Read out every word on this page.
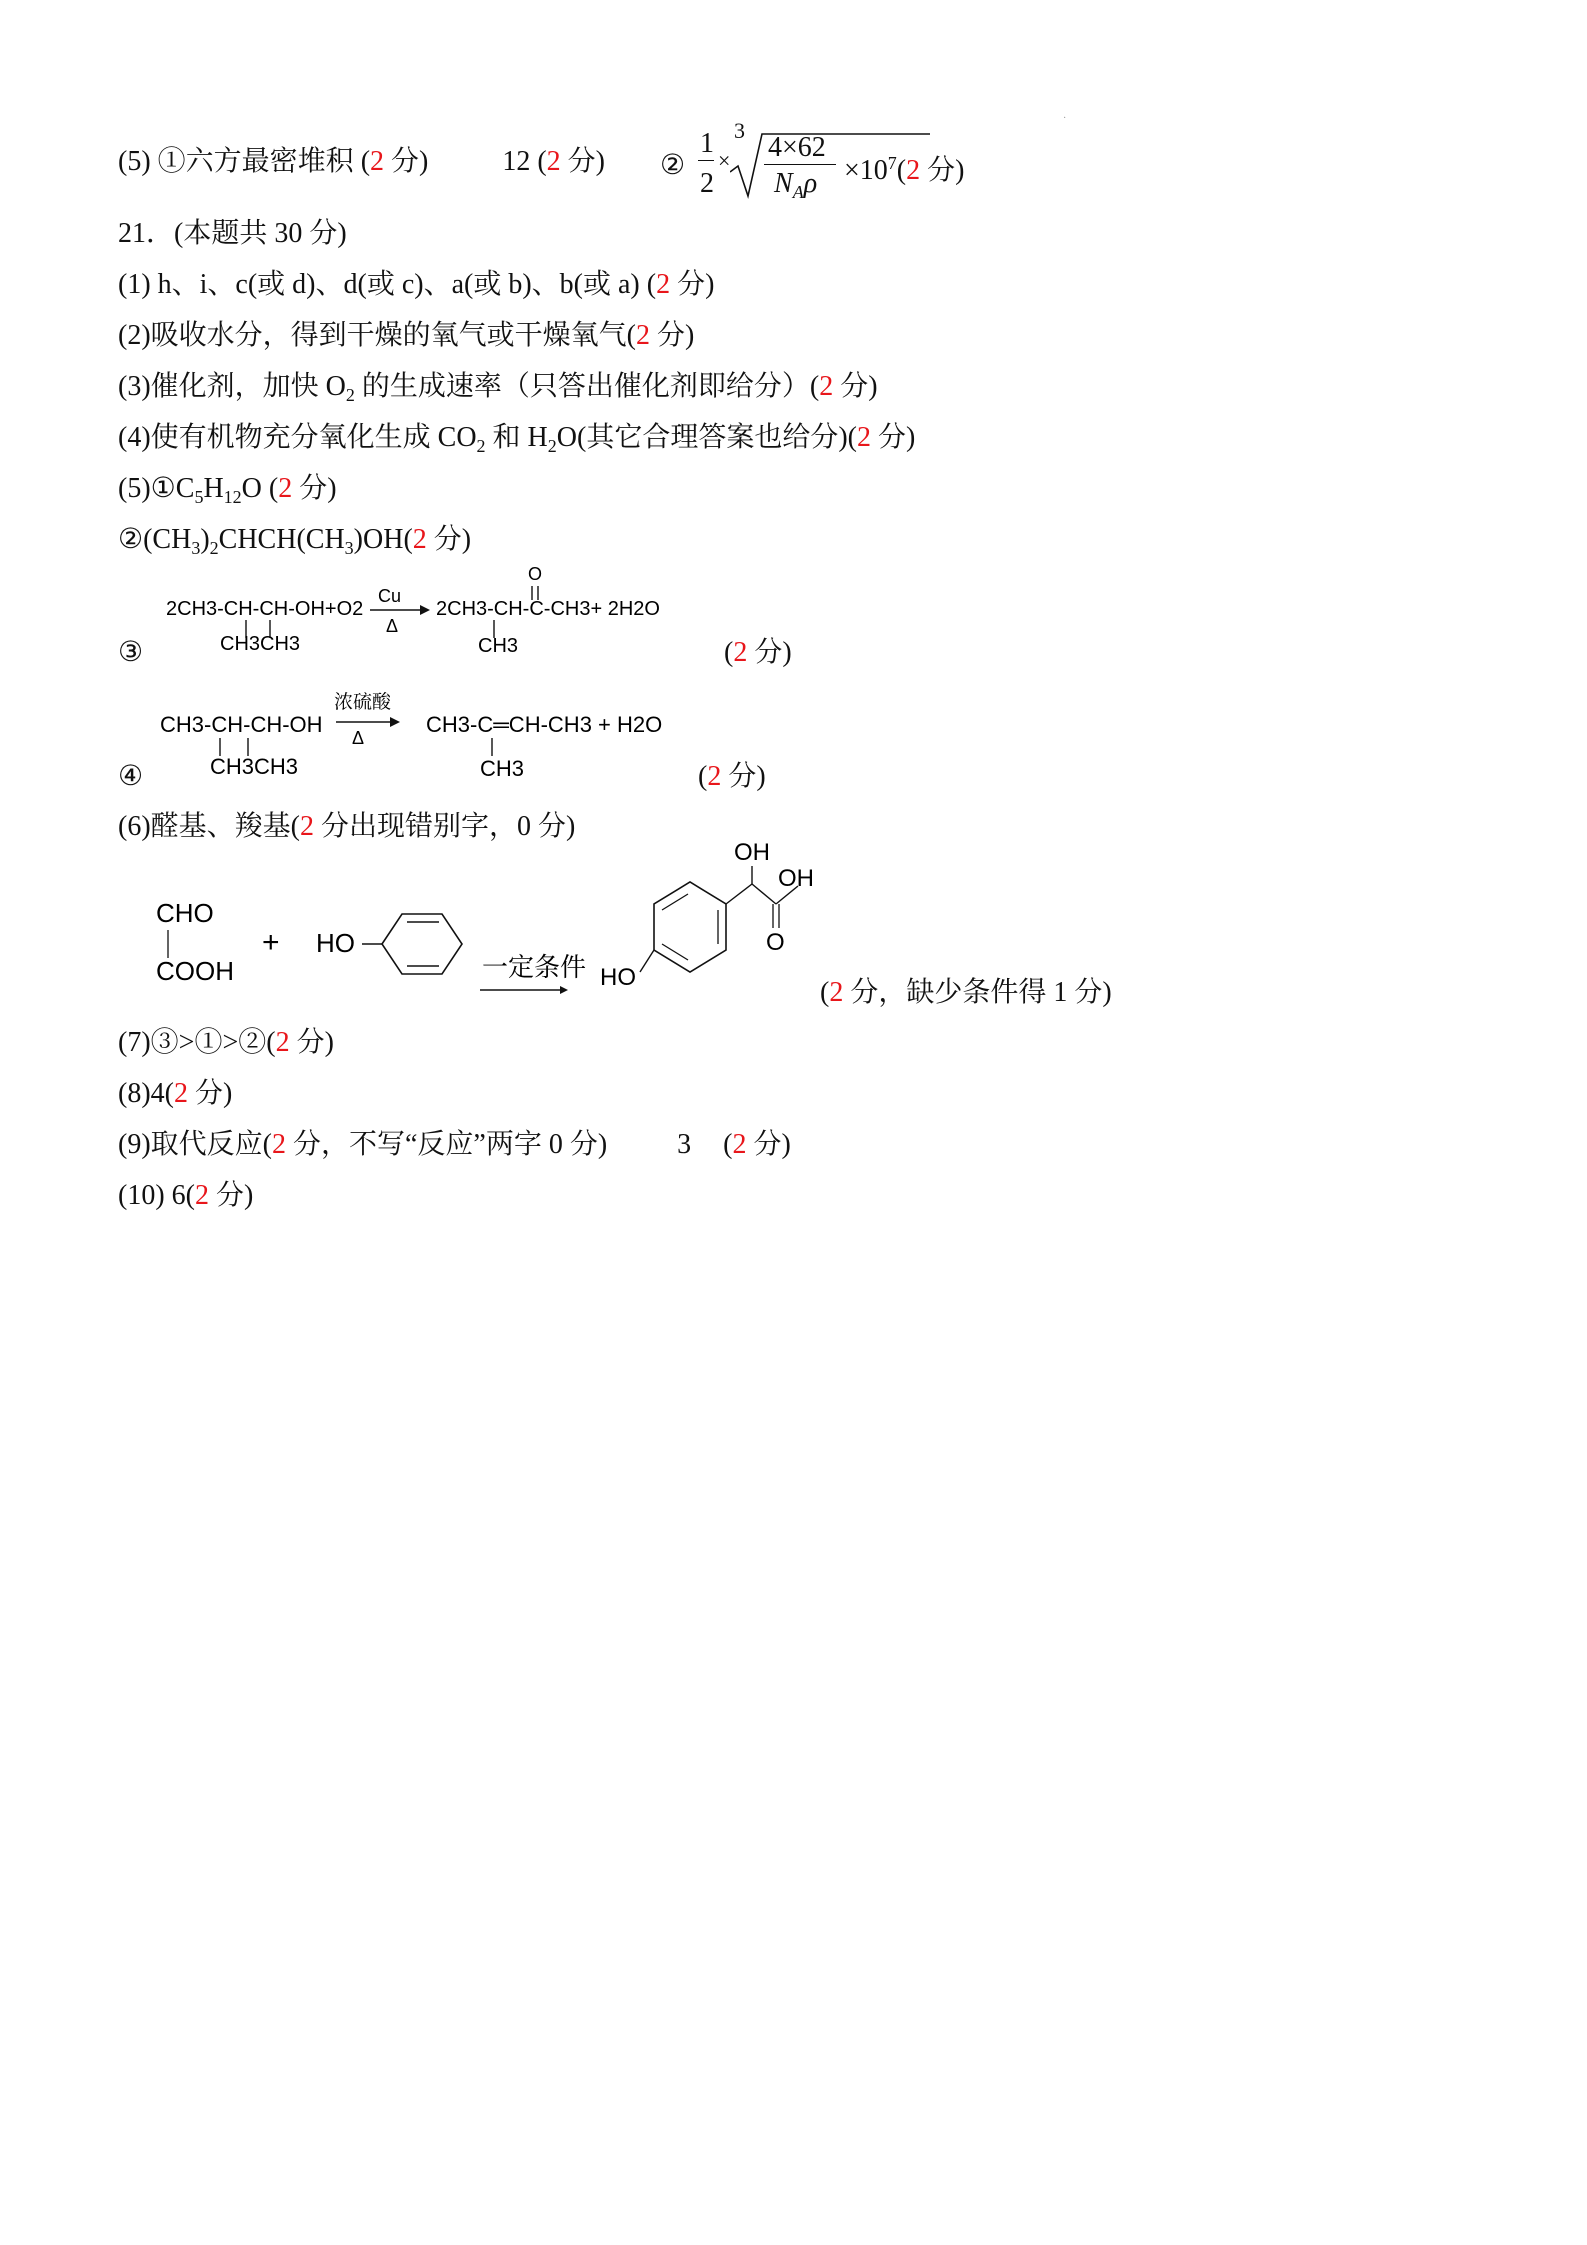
·
(5) ①六方最密堆积 (2 分)	12 (2 分) ②
1
2
×
3
4×62
$N_A\rho \times 10^7(2$ 分)
21．(本题共 30 分)
(1) h、i、c(或 d)、d(或 c)、a(或 b)、b(或 a) (2 分)
(2)吸收水分，得到干燥的氧气或干燥氧气(2 分)
(3)催化剂，加快 $O_2$ 的生成速率（只答出催化剂即给分）(2 分)
(4)使有机物充分氧化生成 $CO_2$ 和 $H_2O$(其它合理答案也给分)(2 分)
$(5)①C_5H_{12}O$ (2 分)
$②(CH_3)_2CHCH(CH_3)OH(2$ 分)
③
2CH3-CH-CH-OH+O2
CH3CH3
Cu
Δ
O
2CH3-CH-C-CH3+ 2H2O
CH3	(2 分)
④
CH3-CH-CH-OH
CH3CH3
浓硫酸
Δ
CH3-C═CH-CH3 + H2O
CH3	(2 分)
(6)醛基、羧基(2 分出现错别字，0 分)
CHO
COOH
+ HO
一定条件 HO
OH
OH
O
(2 分，缺少条件得 1 分)
(7)③>①>②(2 分)
(8)4(2 分)
(9)取代反应(2 分，不写“反应”两字 0 分)	3 (2 分)
(10) 6(2 分)
